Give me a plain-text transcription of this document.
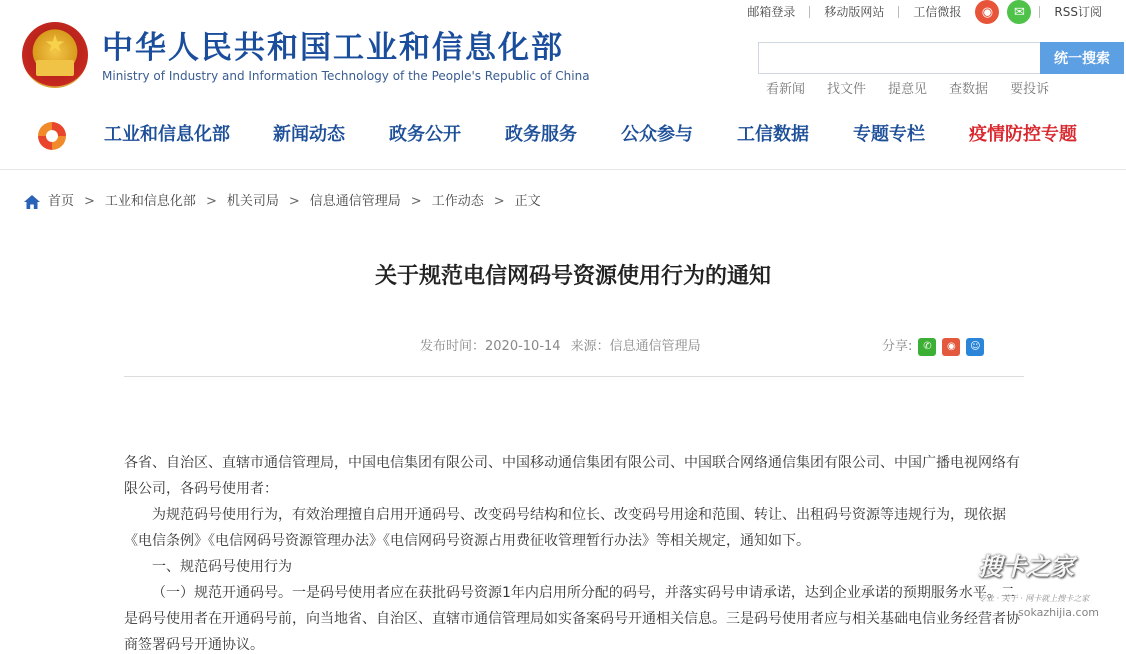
★	中华人民共和国工业和信息化部
Ministry of Industry and Information Technology of the People's Republic of China
邮箱登录	移动版网站	工信微报	◉	✉	RSS订阅
统一搜索
看新闻 找文件 提意见 查数据 要投诉
工业和信息化部 新闻动态 政务公开 政务服务 公众参与 工信数据 专题专栏 疫情防控专题
首页 > 工业和信息化部 > 机关司局 > 信息通信管理局 > 工作动态 > 正文
关于规范电信网码号资源使用行为的通知
发布时间：2020-10-14 来源：信息通信管理局	分享:	✆	◉	☺

各省、自治区、直辖市通信管理局，中国电信集团有限公司、中国移动通信集团有限公司、中国联合网络通信集团有限公司、中国广播电视网络有限公司，各码号使用者：

为规范码号使用行为，有效治理擅自启用开通码号、改变码号结构和位长、改变码号用途和范围、转让、出租码号资源等违规行为，现依据《电信条例》《电信网码号资源管理办法》《电信网码号资源占用费征收管理暂行办法》等相关规定，通知如下。

一、规范码号使用行为

（一）规范开通码号。一是码号使用者应在获批码号资源1年内启用所分配的码号，并落实码号申请承诺，达到企业承诺的预期服务水平。二是码号使用者在开通码号前，向当地省、自治区、直辖市通信管理局如实备案码号开通相关信息。三是码号使用者应与相关基础电信业务经营者协商签署码号开通协议。

搜卡之家
专业 · 关于 · 网卡就上搜卡之家
sokazhijia.com
